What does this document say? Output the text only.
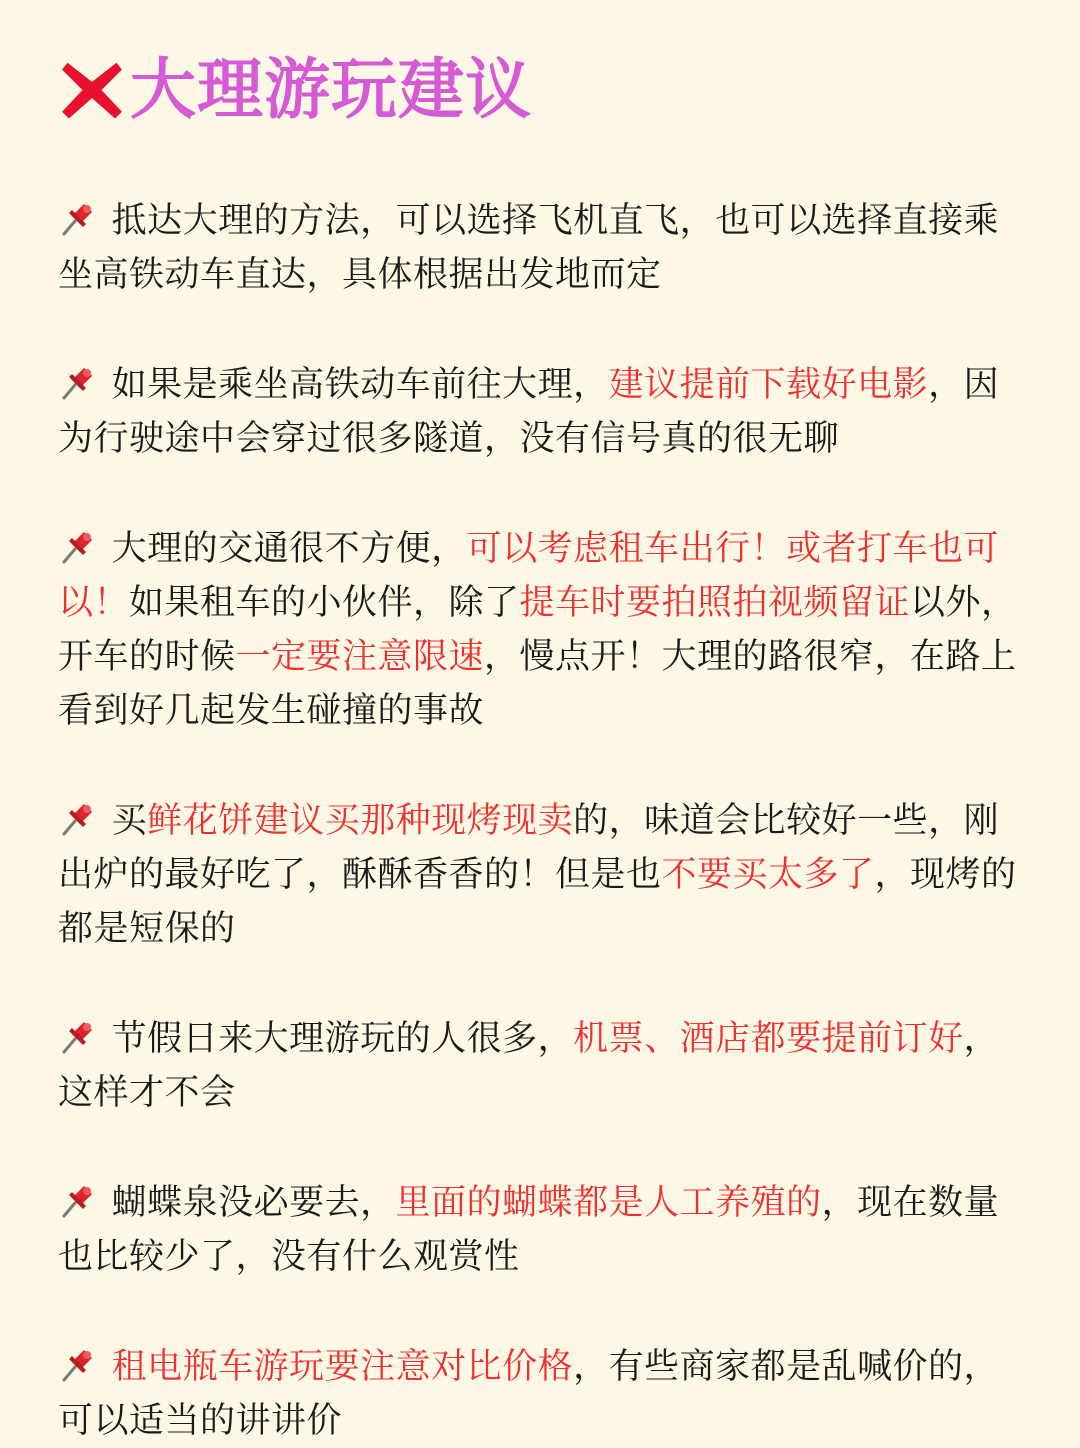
大理游玩建议
抵达大理的方法，可以选择飞机直飞，也可以选择直接乘坐高铁动车直达，具体根据出发地而定
如果是乘坐高铁动车前往大理，建议提前下载好电影，因为行驶途中会穿过很多隧道，没有信号真的很无聊
大理的交通很不方便，可以考虑租车出行！或者打车也可以！如果租车的小伙伴，除了提车时要拍照拍视频留证以外，开车的时候一定要注意限速，慢点开！大理的路很窄，在路上看到好几起发生碰撞的事故
买鲜花饼建议买那种现烤现卖的，味道会比较好一些，刚出炉的最好吃了，酥酥香香的！但是也不要买太多了，现烤的都是短保的
节假日来大理游玩的人很多，机票、酒店都要提前订好，这样才不会
蝴蝶泉没必要去，里面的蝴蝶都是人工养殖的，现在数量也比较少了，没有什么观赏性
租电瓶车游玩要注意对比价格，有些商家都是乱喊价的，可以适当的讲讲价
